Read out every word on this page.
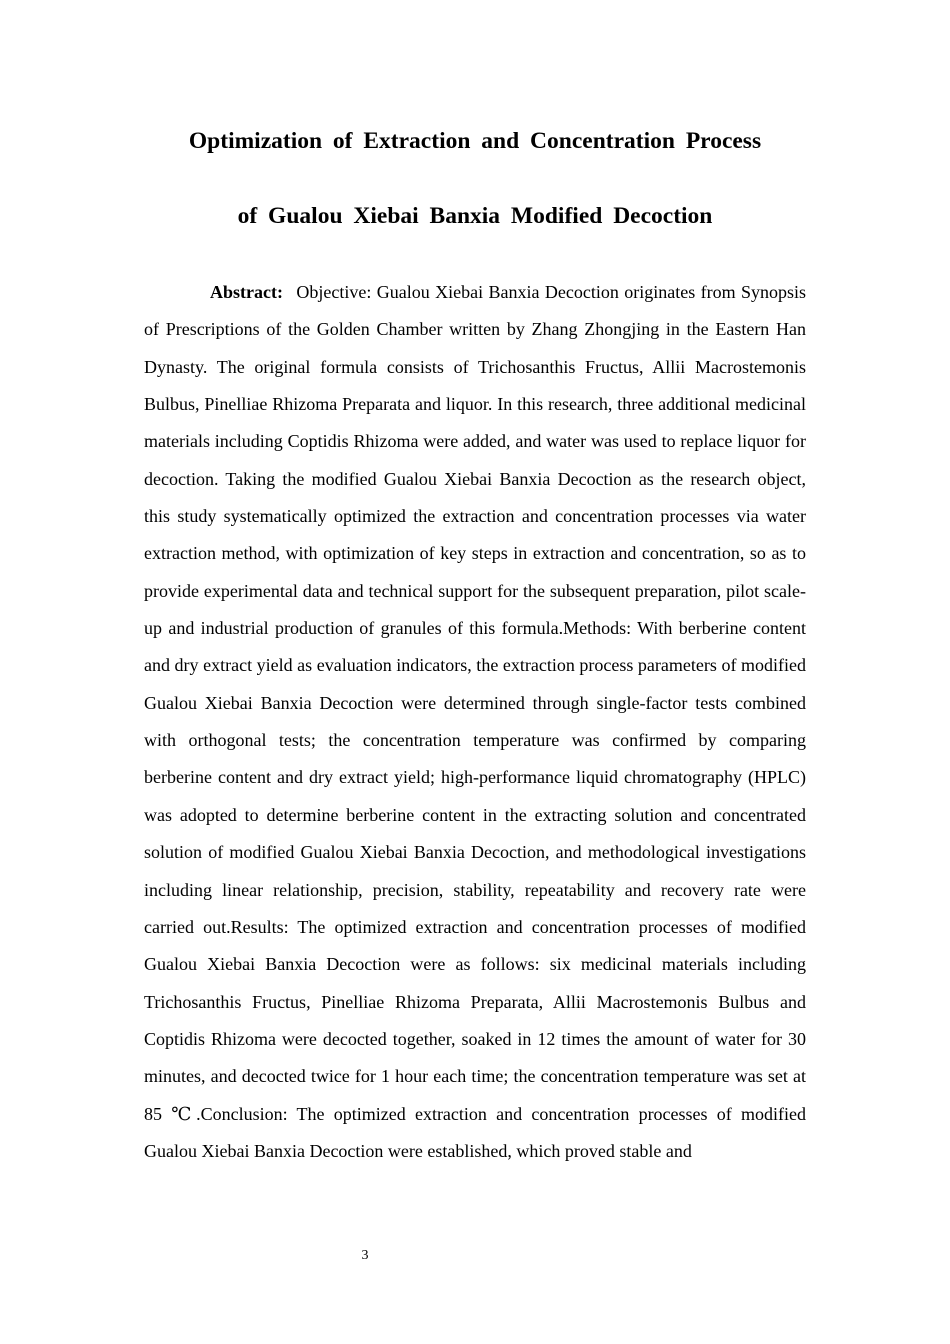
Optimization of Extraction and Concentration Process
of Gualou Xiebai Banxia Modified Decoction

Abstract: Objective: Gualou Xiebai Banxia Decoction originates from Synopsis of Prescriptions of the Golden Chamber written by Zhang Zhongjing in the Eastern Han Dynasty. The original formula consists of Trichosanthis Fructus, Allii Macrostemonis Bulbus, Pinelliae Rhizoma Preparata and liquor. In this research, three additional medicinal materials including Coptidis Rhizoma were added, and water was used to replace liquor for decoction. Taking the modified Gualou Xiebai Banxia Decoction as the research object, this study systematically optimized the extraction and concentration processes via water extraction method, with optimization of key steps in extraction and concentration, so as to provide experimental data and technical support for the subsequent preparation, pilot scale-up and industrial production of granules of this formula.Methods: With berberine content and dry extract yield as evaluation indicators, the extraction process parameters of modified Gualou Xiebai Banxia Decoction were determined through single-factor tests combined with orthogonal tests; the concentration temperature was confirmed by comparing berberine content and dry extract yield; high-performance liquid chromatography (HPLC) was adopted to determine berberine content in the extracting solution and concentrated solution of modified Gualou Xiebai Banxia Decoction, and methodological investigations including linear relationship, precision, stability, repeatability and recovery rate were carried out.Results: The optimized extraction and concentration processes of modified Gualou Xiebai Banxia Decoction were as follows: six medicinal materials including Trichosanthis Fructus, Pinelliae Rhizoma Preparata, Allii Macrostemonis Bulbus and Coptidis Rhizoma were decocted together, soaked in 12 times the amount of water for 30 minutes, and decocted twice for 1 hour each time; the concentration temperature was set at 85 ℃.Conclusion: The optimized extraction and concentration processes of modified Gualou Xiebai Banxia Decoction were established, which proved stable and

3
